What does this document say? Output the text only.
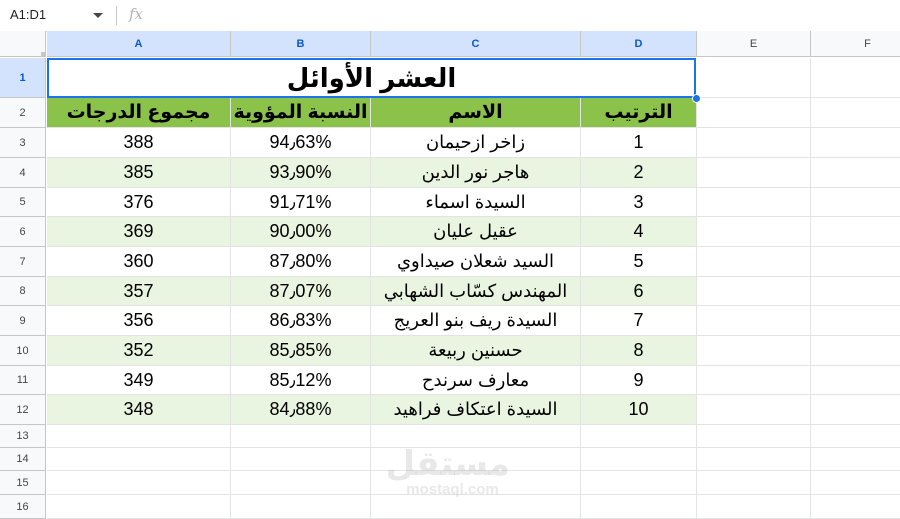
A1:D1	fx
A	B	C	D	E	F
1
2
3
4
5
6
7
8
9
10
11
12
13
14
15
16
مجموع الدرجات	النسبة المؤوية	الاسم	الترتيب
388	94٫63%	زاخر ازحيمان	1
385	93٫90%	هاجر نور الدين	2
376	91٫71%	السيدة اسماء	3
369	90٫00%	عقيل عليان	4
360	87٫80%	السيد شعلان صيداوي	5
357	87٫07%	المهندس كسّاب الشهابي	6
356	86٫83%	السيدة ريف بنو العريج	7
352	85٫85%	حسنين ربيعة	8
349	85٫12%	معارف سرندح	9
348	84٫88%	السيدة اعتكاف فراهيد	10
العشر الأوائل
مستقل
mostaql.com
